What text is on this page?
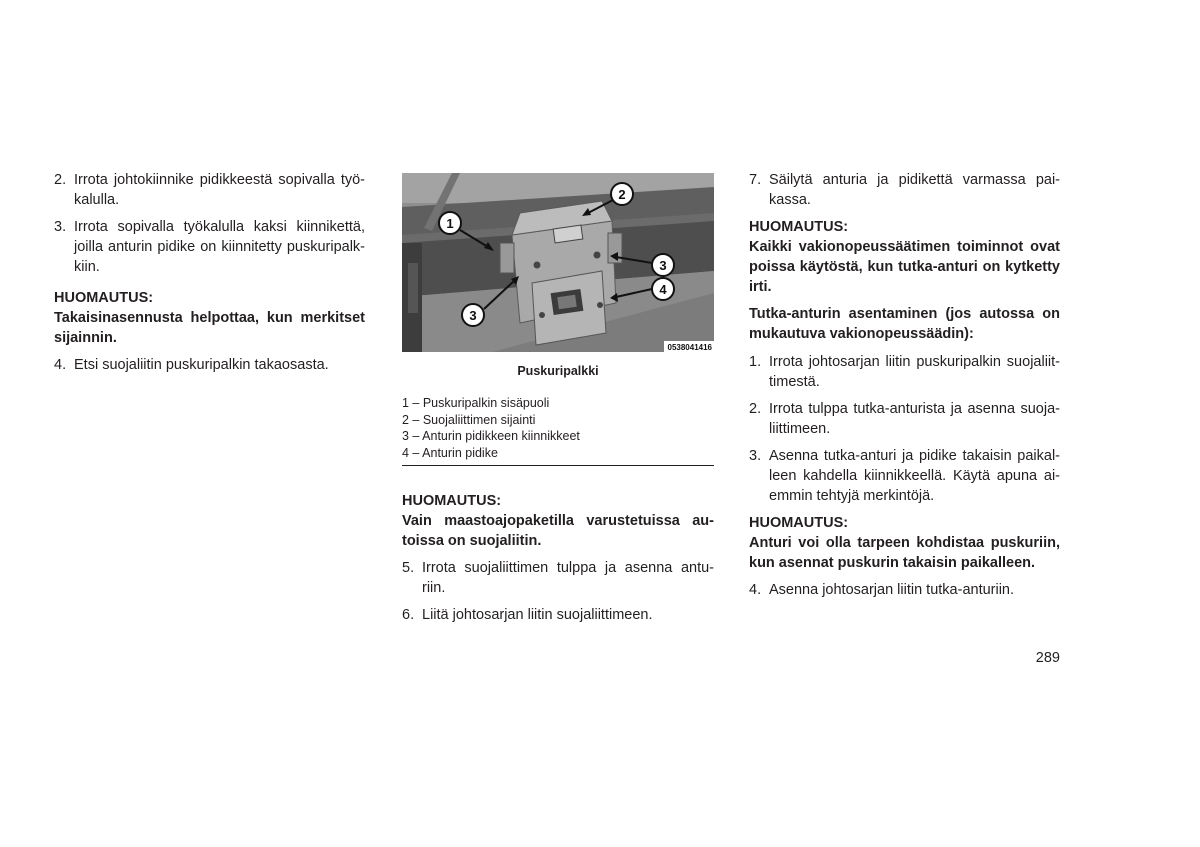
2. Irrota johtokiinnike pidikkeestä sopivalla työ-kalulla.
3. Irrota sopivalla työkalulla kaksi kiinnikettä, joilla anturin pidike on kiinnitetty puskuripalk-kiin.
HUOMAUTUS:
Takaisinasennusta helpottaa, kun merkitset sijainnin.
4. Etsi suojaliitin puskuripalkin takaosasta.
1
2
3
4
3
0538041416
Puskuripalkki
1 – Puskuripalkin sisäpuoli
2 – Suojaliittimen sijainti
3 – Anturin pidikkeen kiinnikkeet
4 – Anturin pidike
HUOMAUTUS:
Vain maastoajopaketilla varustetuissa au-toissa on suojaliitin.
5. Irrota suojaliittimen tulppa ja asenna antu-riin.
6. Liitä johtosarjan liitin suojaliittimeen.
7. Säilytä anturia ja pidikettä varmassa pai-kassa.
HUOMAUTUS:
Kaikki vakionopeussäätimen toiminnot ovat poissa käytöstä, kun tutka-anturi on kytketty irti.
Tutka-anturin asentaminen (jos autossa on mukautuva vakionopeussäädin):
1. Irrota johtosarjan liitin puskuripalkin suojaliit-timestä.
2. Irrota tulppa tutka-anturista ja asenna suoja-liittimeen.
3. Asenna tutka-anturi ja pidike takaisin paikal-leen kahdella kiinnikkeellä. Käytä apuna ai-emmin tehtyjä merkintöjä.
HUOMAUTUS:
Anturi voi olla tarpeen kohdistaa puskuriin, kun asennat puskurin takaisin paikalleen.
4. Asenna johtosarjan liitin tutka-anturiin.
289
